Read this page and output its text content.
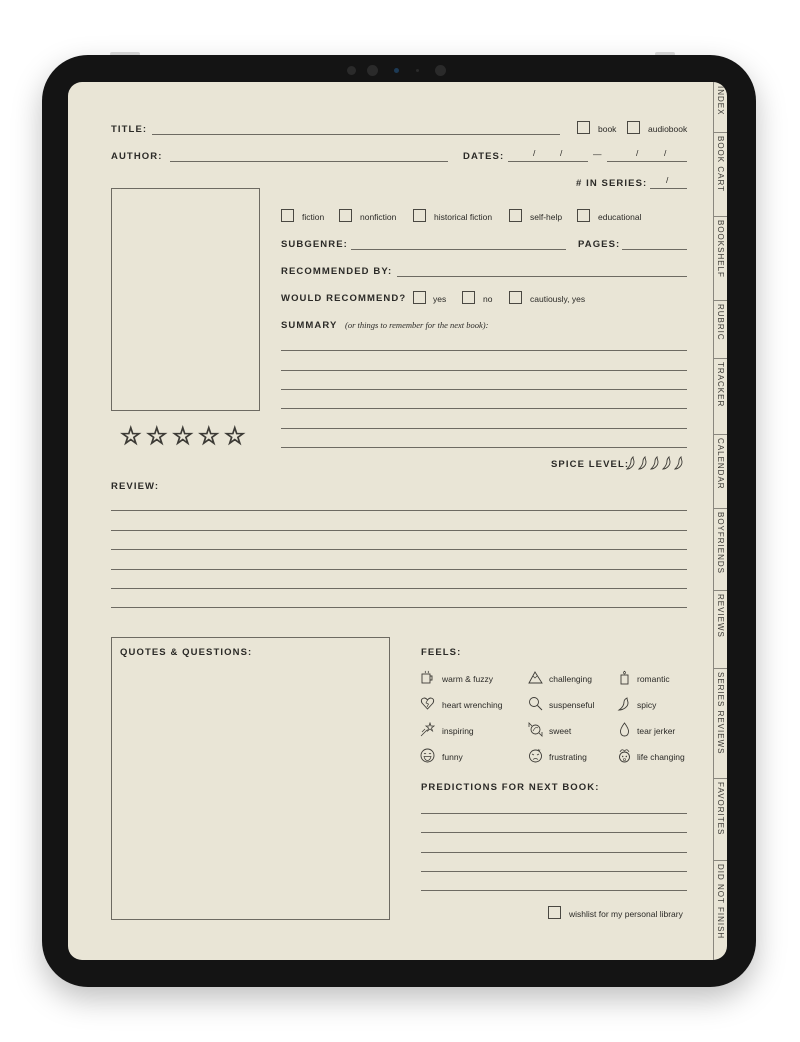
TITLE:	book	audiobook
AUTHOR:	DATES:	/	/	—	/	/
# IN SERIES: /
☆ ☆ ☆ ☆ ☆
fiction	nonfiction	historical fiction	self-help	educational
SUBGENRE:	PAGES:
RECOMMENDED BY:
WOULD RECOMMEND?	yes	no	cautiously, yes
SUMMARY (or things to remember for the next book):
SPICE LEVEL:
REVIEW:
QUOTES & QUESTIONS:	FEELS:
warm & fuzzy	challenging	romantic
heart wrenching	suspenseful	spicy
inspiring	sweet	tear jerker
funny	frustrating	life changing
PREDICTIONS FOR NEXT BOOK:
wishlist for my personal library
INDEX
BOOK CART
BOOKSHELF
RUBRIC
TRACKER
CALENDAR
BOYFRIENDS
REVIEWS
SERIES REVIEWS
FAVORITES
DID NOT FINISH
